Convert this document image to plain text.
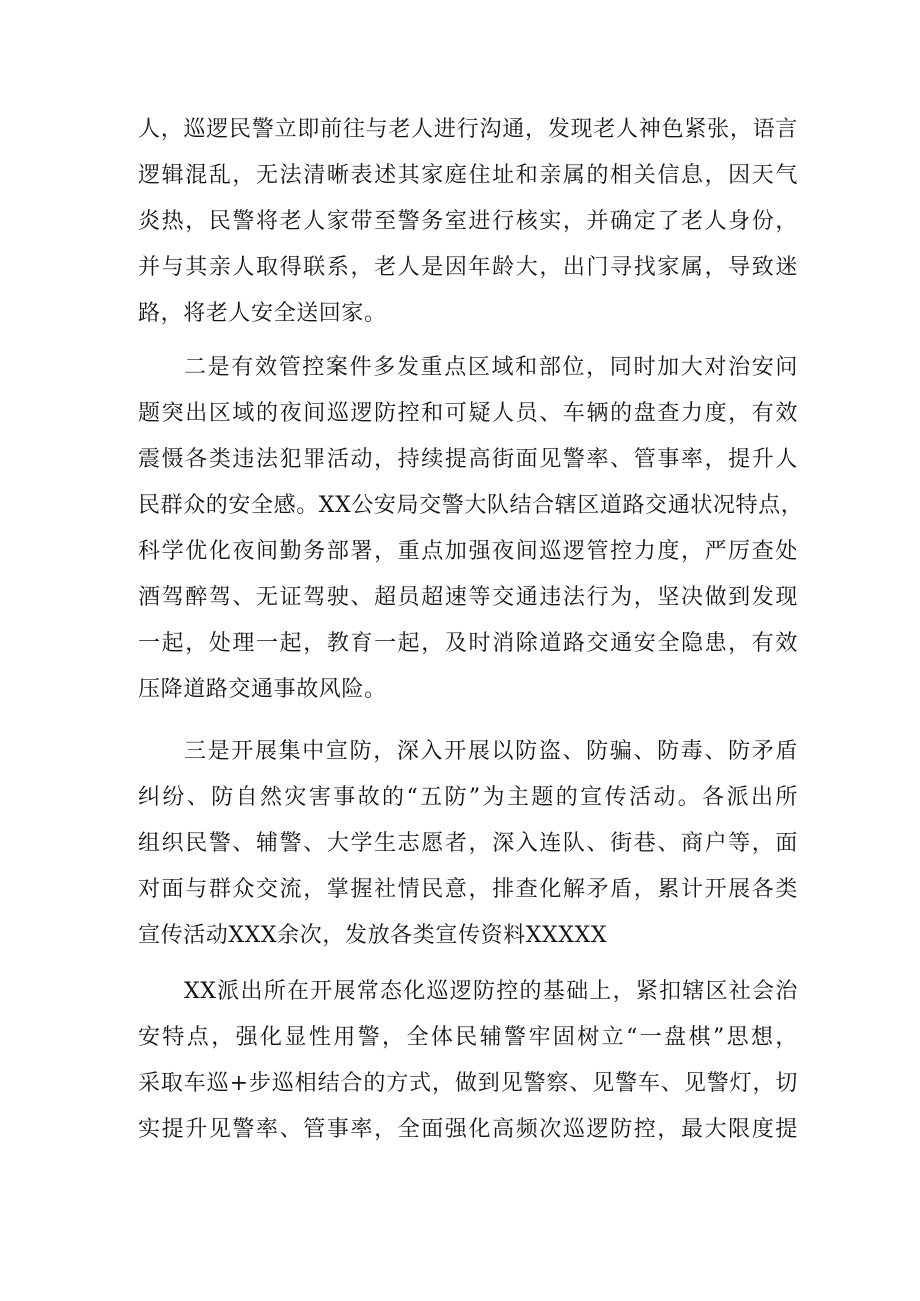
人，巡逻民警立即前往与老人进行沟通，发现老人神色紧张，语言

逻辑混乱，无法清晰表述其家庭住址和亲属的相关信息，因天气

炎热，民警将老人家带至警务室进行核实，并确定了老人身份，

并与其亲人取得联系，老人是因年龄大，出门寻找家属，导致迷

路，将老人安全送回家。

二是有效管控案件多发重点区域和部位，同时加大对治安问

题突出区域的夜间巡逻防控和可疑人员、车辆的盘查力度，有效

震慑各类违法犯罪活动，持续提高街面见警率、管事率，提升人

民群众的安全感。XX公安局交警大队结合辖区道路交通状况特点，

科学优化夜间勤务部署，重点加强夜间巡逻管控力度，严厉查处

酒驾醉驾、无证驾驶、超员超速等交通违法行为，坚决做到发现

一起，处理一起，教育一起，及时消除道路交通安全隐患，有效

压降道路交通事故风险。

三是开展集中宣防，深入开展以防盗、防骗、防毒、防矛盾

纠纷、防自然灾害事故的“五防”为主题的宣传活动。各派出所

组织民警、辅警、大学生志愿者，深入连队、街巷、商户等，面

对面与群众交流，掌握社情民意，排查化解矛盾，累计开展各类

宣传活动XXX余次，发放各类宣传资料XXXXX

XX派出所在开展常态化巡逻防控的基础上，紧扣辖区社会治

安特点，强化显性用警，全体民辅警牢固树立“一盘棋”思想，

采取车巡+步巡相结合的方式，做到见警察、见警车、见警灯，切

实提升见警率、管事率，全面强化高频次巡逻防控，最大限度提
